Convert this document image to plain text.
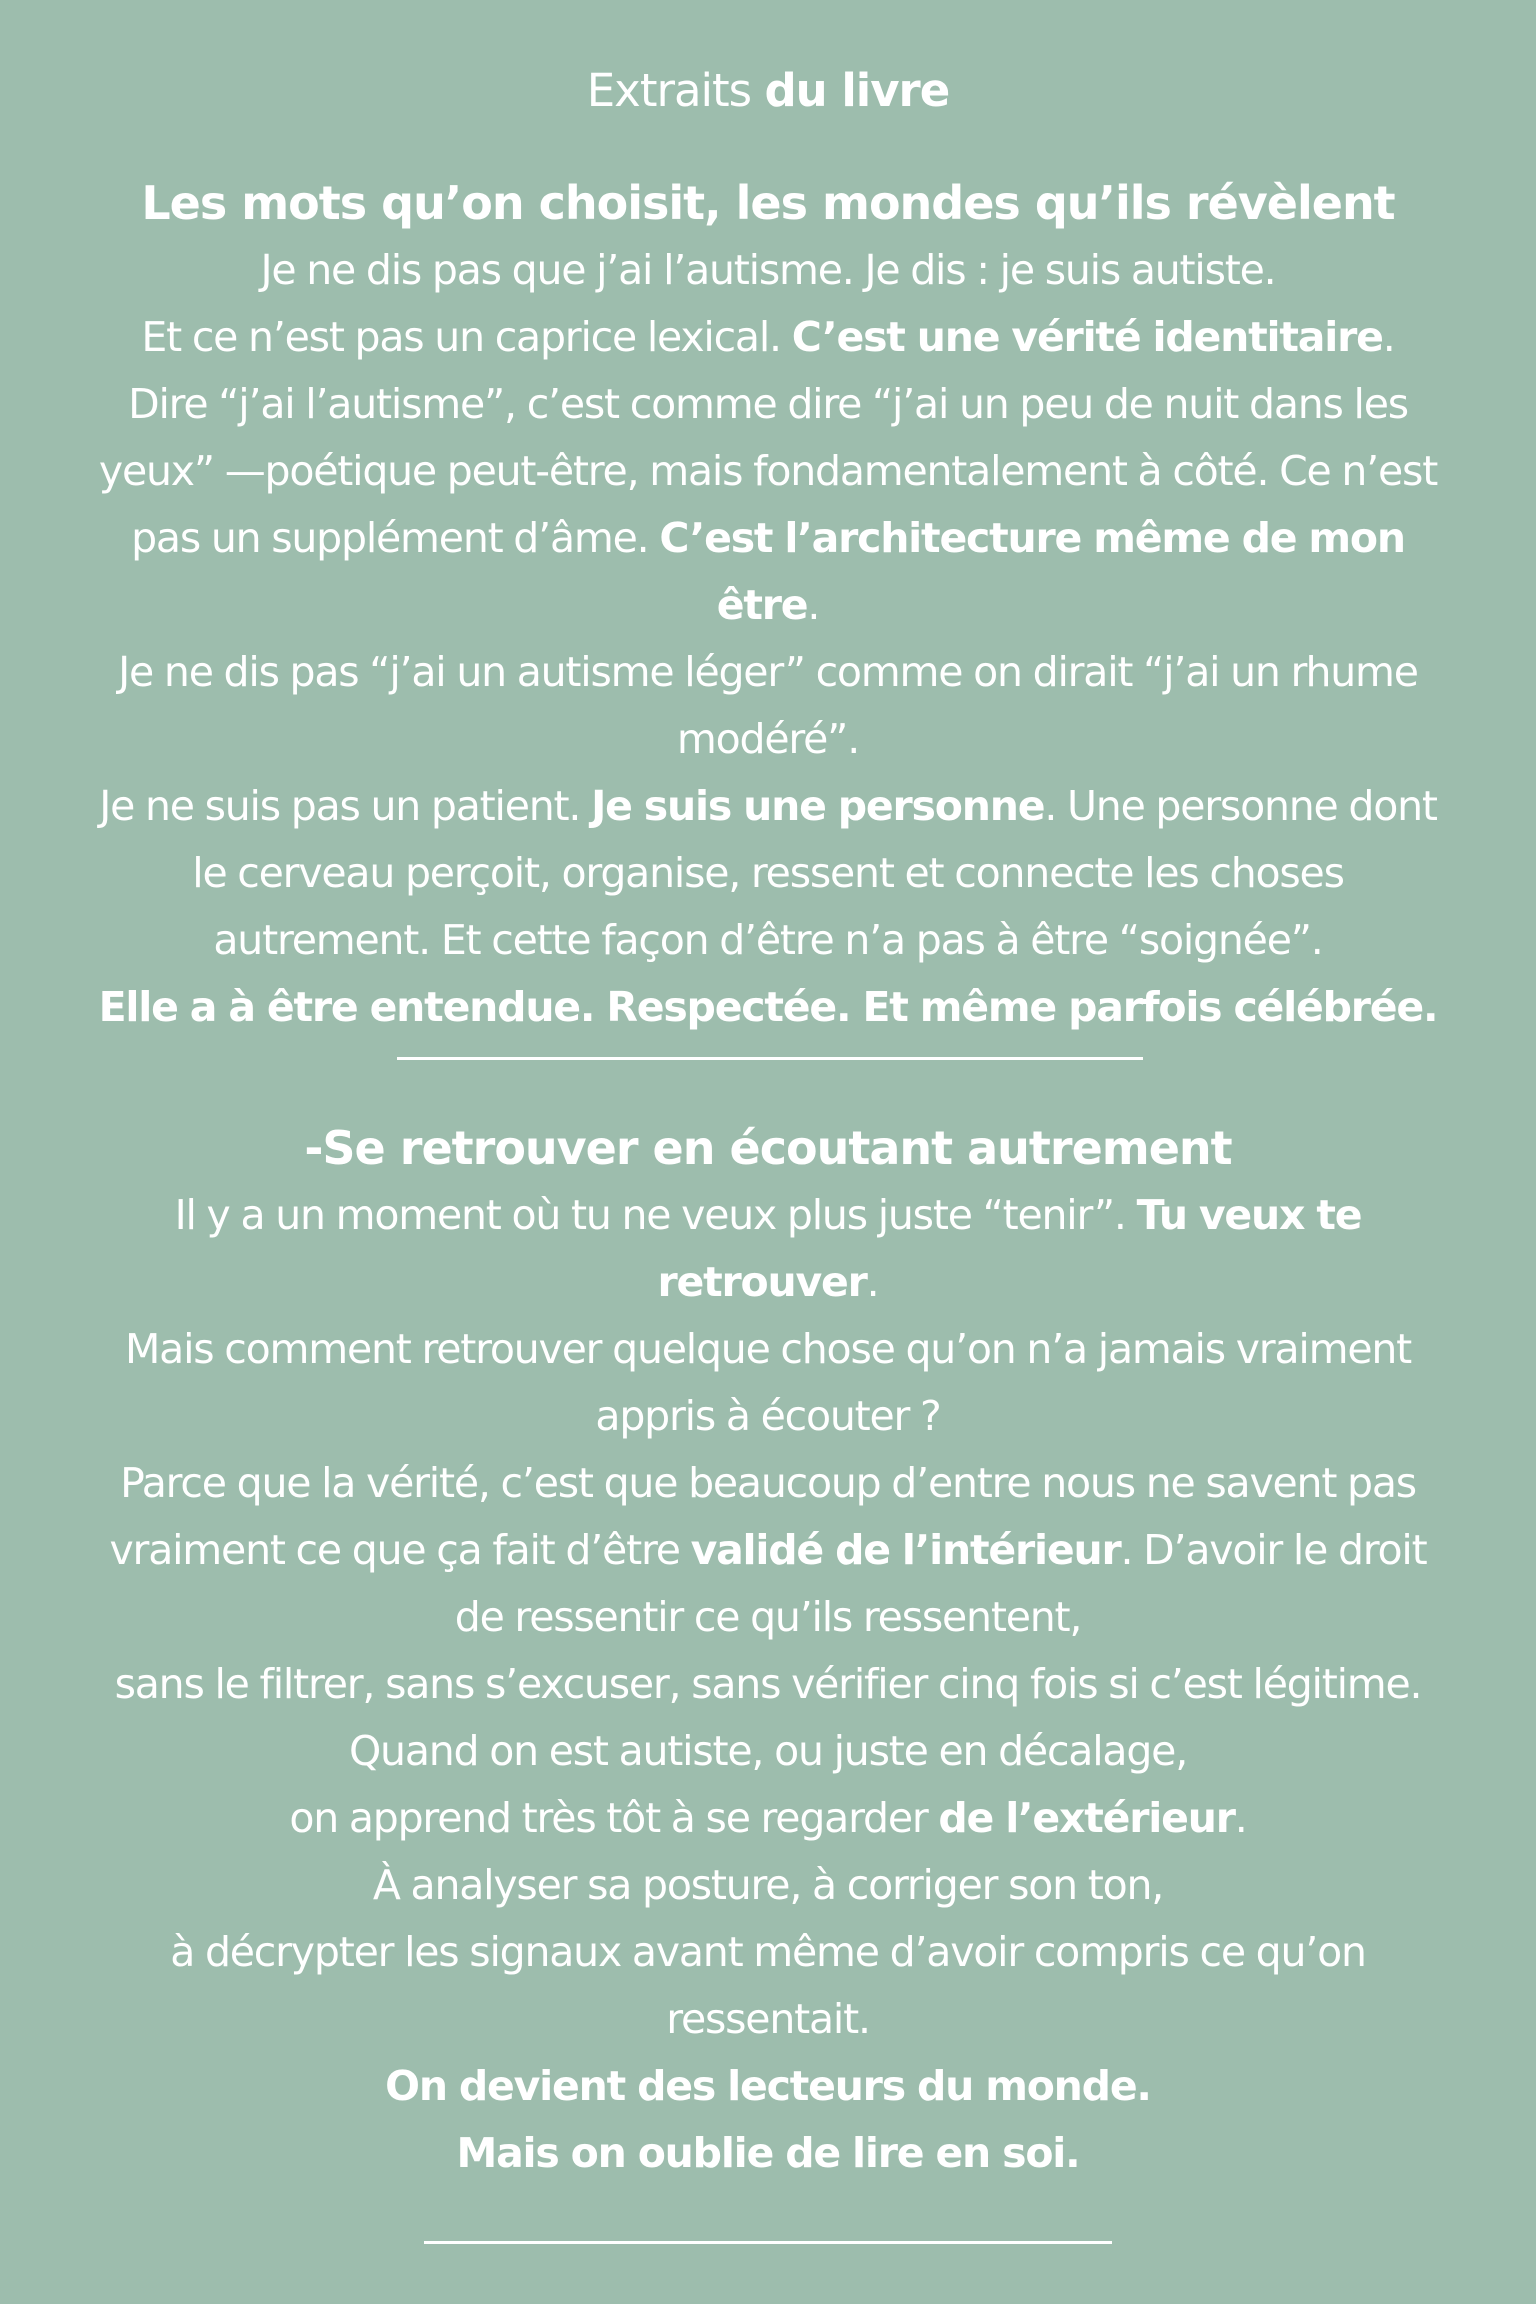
Extraits du livre
Les mots qu’on choisit, les mondes qu’ils révèlent
Je ne dis pas que j’ai l’autisme. Je dis : je suis autiste.
Et ce n’est pas un caprice lexical. C’est une vérité identitaire.
Dire “j’ai l’autisme”, c’est comme dire “j’ai un peu de nuit dans les
yeux” —poétique peut-être, mais fondamentalement à côté. Ce n’est
pas un supplément d’âme. C’est l’architecture même de mon
être.
Je ne dis pas “j’ai un autisme léger” comme on dirait “j’ai un rhume
modéré”.
Je ne suis pas un patient. Je suis une personne. Une personne dont
le cerveau perçoit, organise, ressent et connecte les choses
autrement. Et cette façon d’être n’a pas à être “soignée”.
Elle a à être entendue. Respectée. Et même parfois célébrée.
-Se retrouver en écoutant autrement
Il y a un moment où tu ne veux plus juste “tenir”. Tu veux te
retrouver.
Mais comment retrouver quelque chose qu’on n’a jamais vraiment
appris à écouter ?
Parce que la vérité, c’est que beaucoup d’entre nous ne savent pas
vraiment ce que ça fait d’être validé de l’intérieur. D’avoir le droit
de ressentir ce qu’ils ressentent,
sans le filtrer, sans s’excuser, sans vérifier cinq fois si c’est légitime.
Quand on est autiste, ou juste en décalage,
on apprend très tôt à se regarder de l’extérieur.
À analyser sa posture, à corriger son ton,
à décrypter les signaux avant même d’avoir compris ce qu’on
ressentait.
On devient des lecteurs du monde.
Mais on oublie de lire en soi.
